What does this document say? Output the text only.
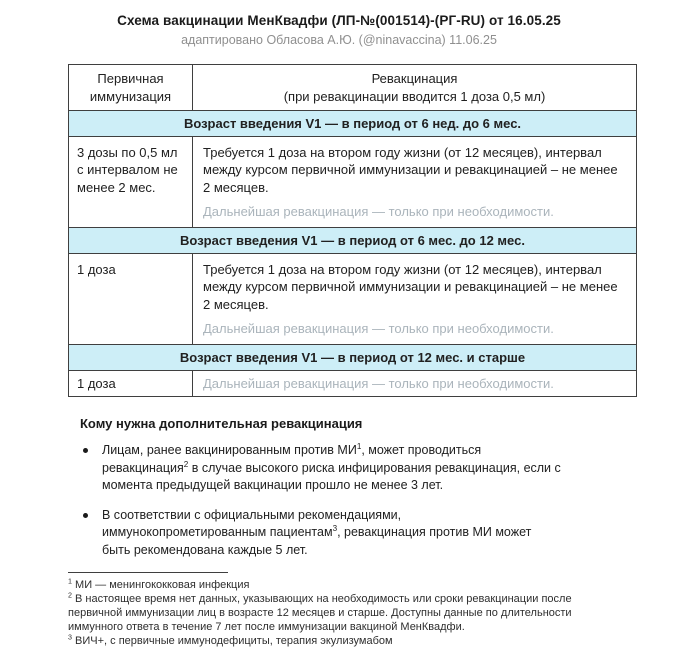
Схема вакцинации МенКвадфи (ЛП-№(001514)-(РГ-RU) от 16.05.25
адаптировано Обласова А.Ю. (@ninavaccina) 11.06.25
Первичная иммунизация	Ревакцинация
(при ревакцинации вводится 1 доза 0,5 мл)

Возраст введения V1 — в период от 6 нед. до 6 мес.	
3 дозы по 0,5 мл с интервалом не менее 2 мес.	Требуется 1 доза на втором году жизни (от 12 месяцев), интервал между курсом первичной иммунизации и ревакцинацией – не менее 2 месяцев.
Дальнейшая ревакцинация — только при необходимости.

Возраст введения V1 — в период от 6 мес. до 12 мес.	
1 доза	Требуется 1 доза на втором году жизни (от 12 месяцев), интервал между курсом первичной иммунизации и ревакцинацией – не менее 2 месяцев.
Дальнейшая ревакцинация — только при необходимости.

Возраст введения V1 — в период от 12 мес. и старше	
1 доза	Дальнейшая ревакцинация — только при необходимости.
Кому нужна дополнительная ревакцинация
Лицам, ранее вакцинированным против $МИ^1$, может проводиться ревакцинация$^2$ в случае высокого риска инфицирования ревакцинация, если с момента предыдущей вакцинации прошло не менее 3 лет.
В соответствии с официальными рекомендациями, иммунокопрометированным пациентам$^3$, ревакцинация против МИ может быть рекомендована каждые 5 лет.

$^1$ МИ — менингококковая инфекция

$^2$ В настоящее время нет данных, указывающих на необходимость или сроки ревакцинации после первичной иммунизации лиц в возрасте 12 месяцев и старше. Доступны данные по длительности иммунного ответа в течение 7 лет после иммунизации вакциной МенКвадфи.

$^3$ ВИЧ+, с первичные иммунодефициты, терапия экулизумабом
